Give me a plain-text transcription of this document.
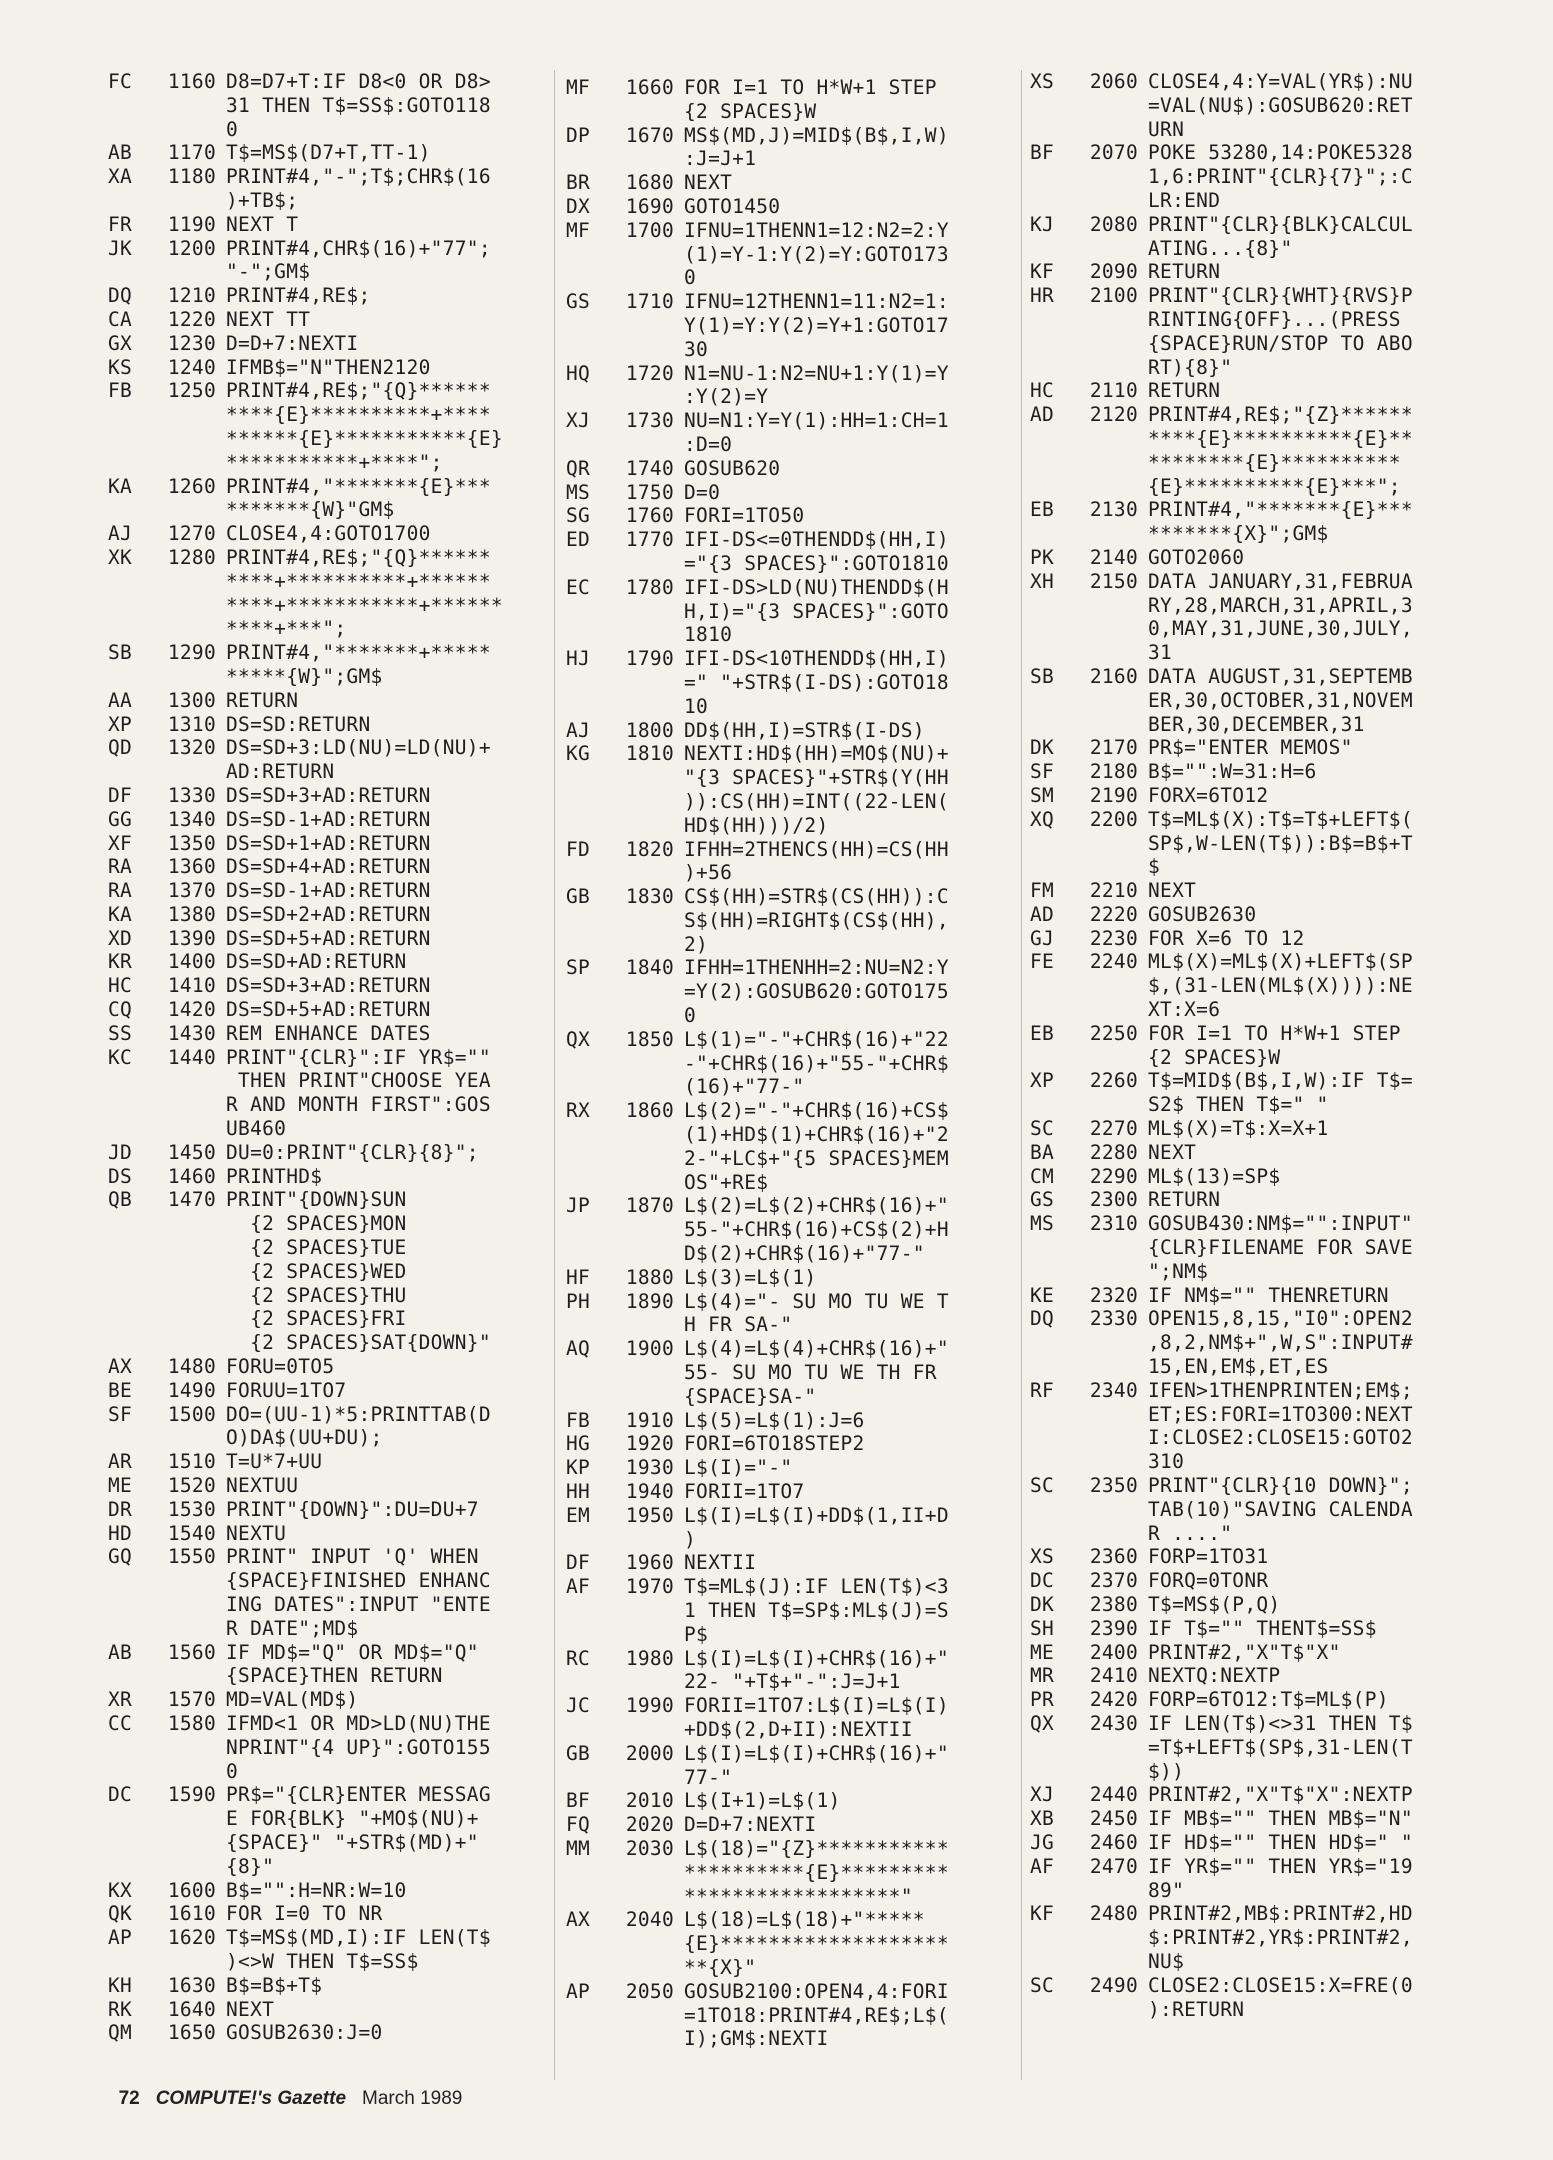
FC	1160 D8=D7+T:IF D8<0 OR D8>
31 THEN T$=SS$:GOTO118
0
AB	1170 T$=MS$(D7+T,TT-1)
XA	1180 PRINT#4,"-";T$;CHR$(16
)+TB$;
FR	1190 NEXT T
JK	1200 PRINT#4,CHR$(16)+"77";
"-";GM$
DQ	1210 PRINT#4,RE$;
CA	1220 NEXT TT
GX	1230 D=D+7:NEXTI
KS	1240 IFMB$="N"THEN2120
FB	1250 PRINT#4,RE$;"{Q}******
****{E}**********+****
******{E}***********{E}
***********+****";
KA	1260 PRINT#4,"*******{E}***
*******{W}"GM$
AJ	1270 CLOSE4,4:GOTO1700
XK	1280 PRINT#4,RE$;"{Q}******
****+**********+******
****+***********+******
****+***";
SB	1290 PRINT#4,"*******+*****
*****{W}";GM$
AA	1300 RETURN
XP	1310 DS=SD:RETURN
QD	1320 DS=SD+3:LD(NU)=LD(NU)+
AD:RETURN
DF	1330 DS=SD+3+AD:RETURN
GG	1340 DS=SD-1+AD:RETURN
XF	1350 DS=SD+1+AD:RETURN
RA	1360 DS=SD+4+AD:RETURN
RA	1370 DS=SD-1+AD:RETURN
KA	1380 DS=SD+2+AD:RETURN
XD	1390 DS=SD+5+AD:RETURN
KR	1400 DS=SD+AD:RETURN
HC	1410 DS=SD+3+AD:RETURN
CQ	1420 DS=SD+5+AD:RETURN
SS	1430 REM ENHANCE DATES
KC	1440 PRINT"{CLR}":IF YR$=""
THEN PRINT"CHOOSE YEA
R AND MONTH FIRST":GOS
UB460
JD	1450 DU=0:PRINT"{CLR}{8}";
DS	1460 PRINTHD$
QB	1470 PRINT"{DOWN}SUN
{2 SPACES}MON
{2 SPACES}TUE
{2 SPACES}WED
{2 SPACES}THU
{2 SPACES}FRI
{2 SPACES}SAT{DOWN}"
AX	1480 FORU=0TO5
BE	1490 FORUU=1TO7
SF	1500 DO=(UU-1)*5:PRINTTAB(D
O)DA$(UU+DU);
AR	1510 T=U*7+UU
ME	1520 NEXTUU
DR	1530 PRINT"{DOWN}":DU=DU+7
HD	1540 NEXTU
GQ	1550 PRINT" INPUT 'Q' WHEN
{SPACE}FINISHED ENHANC
ING DATES":INPUT "ENTE
R DATE";MD$
AB	1560 IF MD$="Q" OR MD$="Q"
{SPACE}THEN RETURN
XR	1570 MD=VAL(MD$)
CC	1580 IFMD<1 OR MD>LD(NU)THE
NPRINT"{4 UP}":GOTO155
0
DC	1590 PR$="{CLR}ENTER MESSAG
E FOR{BLK} "+MO$(NU)+
{SPACE}" "+STR$(MD)+"
{8}"
KX	1600 B$="":H=NR:W=10
QK	1610 FOR I=0 TO NR
AP	1620 T$=MS$(MD,I):IF LEN(T$
)<>W THEN T$=SS$
KH	1630 B$=B$+T$
RK	1640 NEXT
QM	1650 GOSUB2630:J=0
MF	1660 FOR I=1 TO H*W+1 STEP
{2 SPACES}W
DP	1670 MS$(MD,J)=MID$(B$,I,W)
:J=J+1
BR	1680 NEXT
DX	1690 GOTO1450
MF	1700 IFNU=1THENN1=12:N2=2:Y
(1)=Y-1:Y(2)=Y:GOTO173
0
GS	1710 IFNU=12THENN1=11:N2=1:
Y(1)=Y:Y(2)=Y+1:GOTO17
30
HQ	1720 N1=NU-1:N2=NU+1:Y(1)=Y
:Y(2)=Y
XJ	1730 NU=N1:Y=Y(1):HH=1:CH=1
:D=0
QR	1740 GOSUB620
MS	1750 D=0
SG	1760 FORI=1TO50
ED	1770 IFI-DS<=0THENDD$(HH,I)
="{3 SPACES}":GOTO1810
EC	1780 IFI-DS>LD(NU)THENDD$(H
H,I)="{3 SPACES}":GOTO
1810
HJ	1790 IFI-DS<10THENDD$(HH,I)
=" "+STR$(I-DS):GOTO18
10
AJ	1800 DD$(HH,I)=STR$(I-DS)
KG	1810 NEXTI:HD$(HH)=MO$(NU)+
"{3 SPACES}"+STR$(Y(HH
)):CS(HH)=INT((22-LEN(
HD$(HH)))/2)
FD	1820 IFHH=2THENCS(HH)=CS(HH
)+56
GB	1830 CS$(HH)=STR$(CS(HH)):C
S$(HH)=RIGHT$(CS$(HH),
2)
SP	1840 IFHH=1THENHH=2:NU=N2:Y
=Y(2):GOSUB620:GOTO175
0
QX	1850 L$(1)="-"+CHR$(16)+"22
-"+CHR$(16)+"55-"+CHR$
(16)+"77-"
RX	1860 L$(2)="-"+CHR$(16)+CS$
(1)+HD$(1)+CHR$(16)+"2
2-"+LC$+"{5 SPACES}MEM
OS"+RE$
JP	1870 L$(2)=L$(2)+CHR$(16)+"
55-"+CHR$(16)+CS$(2)+H
D$(2)+CHR$(16)+"77-"
HF	1880 L$(3)=L$(1)
PH	1890 L$(4)="- SU MO TU WE T
H FR SA-"
AQ	1900 L$(4)=L$(4)+CHR$(16)+"
55- SU MO TU WE TH FR
{SPACE}SA-"
FB	1910 L$(5)=L$(1):J=6
HG	1920 FORI=6TO18STEP2
KP	1930 L$(I)="-"
HH	1940 FORII=1TO7
EM	1950 L$(I)=L$(I)+DD$(1,II+D
)
DF	1960 NEXTII
AF	1970 T$=ML$(J):IF LEN(T$)<3
1 THEN T$=SP$:ML$(J)=S
P$
RC	1980 L$(I)=L$(I)+CHR$(16)+"
22- "+T$+"-":J=J+1
JC	1990 FORII=1TO7:L$(I)=L$(I)
+DD$(2,D+II):NEXTII
GB	2000 L$(I)=L$(I)+CHR$(16)+"
77-"
BF	2010 L$(I+1)=L$(1)
FQ	2020 D=D+7:NEXTI
MM	2030 L$(18)="{Z}***********
**********{E}*********
******************"
AX	2040 L$(18)=L$(18)+"*****
{E}*******************
**{X}"
AP	2050 GOSUB2100:OPEN4,4:FORI
=1TO18:PRINT#4,RE$;L$(
I);GM$:NEXTI
XS	2060 CLOSE4,4:Y=VAL(YR$):NU
=VAL(NU$):GOSUB620:RET
URN
BF	2070 POKE 53280,14:POKE5328
1,6:PRINT"{CLR}{7}";:C
LR:END
KJ	2080 PRINT"{CLR}{BLK}CALCUL
ATING...{8}"
KF	2090 RETURN
HR	2100 PRINT"{CLR}{WHT}{RVS}P
RINTING{OFF}...(PRESS
{SPACE}RUN/STOP TO ABO
RT){8}"
HC	2110 RETURN
AD	2120 PRINT#4,RE$;"{Z}******
****{E}**********{E}**
********{E}**********
{E}**********{E}***";
EB	2130 PRINT#4,"*******{E}***
*******{X}";GM$
PK	2140 GOTO2060
XH	2150 DATA JANUARY,31,FEBRUA
RY,28,MARCH,31,APRIL,3
0,MAY,31,JUNE,30,JULY,
31
SB	2160 DATA AUGUST,31,SEPTEMB
ER,30,OCTOBER,31,NOVEM
BER,30,DECEMBER,31
DK	2170 PR$="ENTER MEMOS"
SF	2180 B$="":W=31:H=6
SM	2190 FORX=6TO12
XQ	2200 T$=ML$(X):T$=T$+LEFT$(
SP$,W-LEN(T$)):B$=B$+T
$
FM	2210 NEXT
AD	2220 GOSUB2630
GJ	2230 FOR X=6 TO 12
FE	2240 ML$(X)=ML$(X)+LEFT$(SP
$,(31-LEN(ML$(X)))):NE
XT:X=6
EB	2250 FOR I=1 TO H*W+1 STEP
{2 SPACES}W
XP	2260 T$=MID$(B$,I,W):IF T$=
S2$ THEN T$=" "
SC	2270 ML$(X)=T$:X=X+1
BA	2280 NEXT
CM	2290 ML$(13)=SP$
GS	2300 RETURN
MS	2310 GOSUB430:NM$="":INPUT"
{CLR}FILENAME FOR SAVE
";NM$
KE	2320 IF NM$="" THENRETURN
DQ	2330 OPEN15,8,15,"I0":OPEN2
,8,2,NM$+",W,S":INPUT#
15,EN,EM$,ET,ES
RF	2340 IFEN>1THENPRINTEN;EM$;
ET;ES:FORI=1TO300:NEXT
I:CLOSE2:CLOSE15:GOTO2
310
SC	2350 PRINT"{CLR}{10 DOWN}";
TAB(10)"SAVING CALENDA
R ...."
XS	2360 FORP=1TO31
DC	2370 FORQ=0TONR
DK	2380 T$=MS$(P,Q)
SH	2390 IF T$="" THENT$=SS$
ME	2400 PRINT#2,"X"T$"X"
MR	2410 NEXTQ:NEXTP
PR	2420 FORP=6TO12:T$=ML$(P)
QX	2430 IF LEN(T$)<>31 THEN T$
=T$+LEFT$(SP$,31-LEN(T
$))
XJ	2440 PRINT#2,"X"T$"X":NEXTP
XB	2450 IF MB$="" THEN MB$="N"
JG	2460 IF HD$="" THEN HD$=" "
AF	2470 IF YR$="" THEN YR$="19
89"
KF	2480 PRINT#2,MB$:PRINT#2,HD
$:PRINT#2,YR$:PRINT#2,
NU$
SC	2490 CLOSE2:CLOSE15:X=FRE(0
):RETURN

72 COMPUTE!'s Gazette March 1989
